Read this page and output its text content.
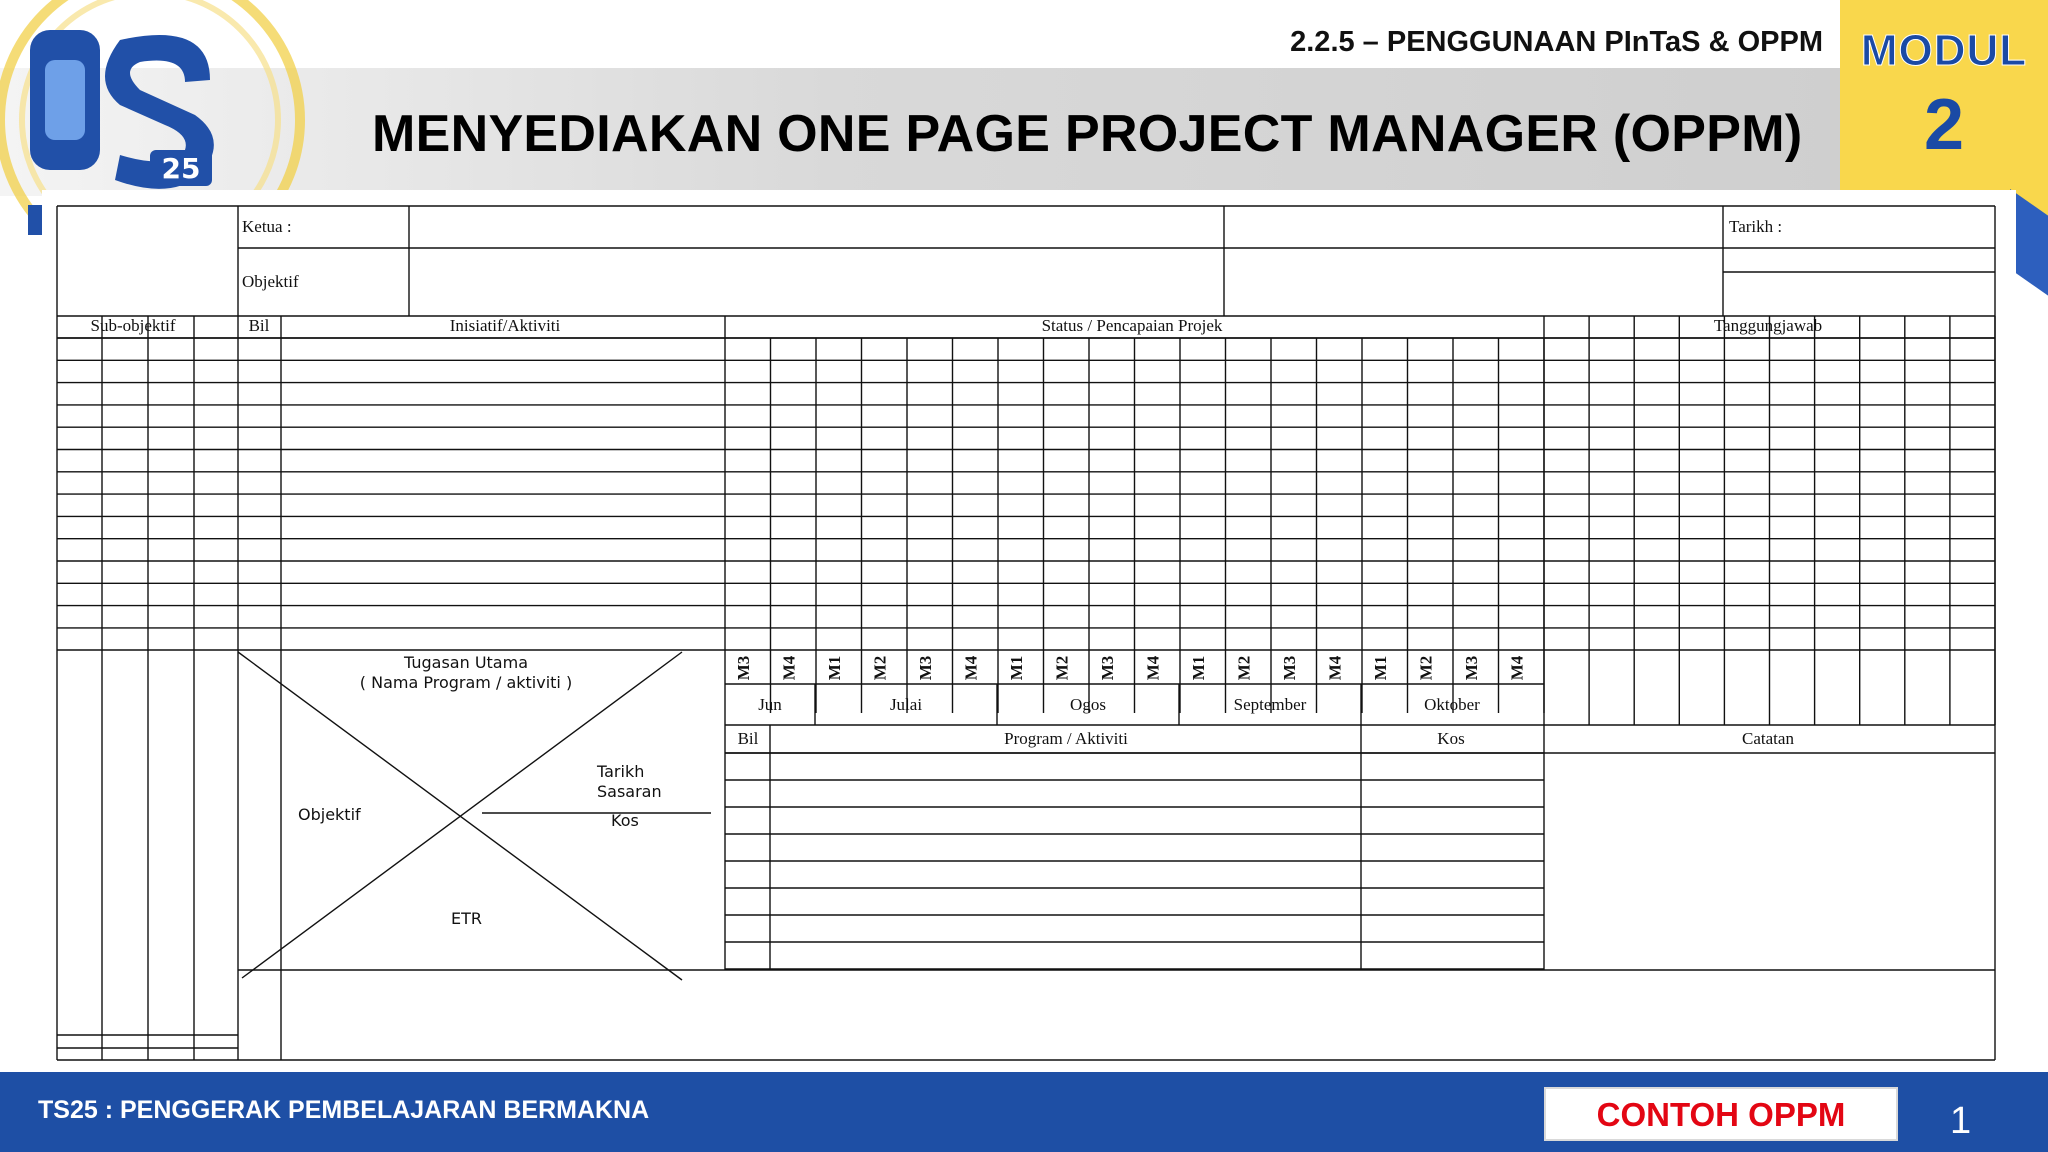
MODUL
2
25
2.2.5 – PENGGUNAAN PInTaS & OPPM
MENYEDIAKAN ONE PAGE PROJECT MANAGER (OPPM)
Ketua :
Objektif
Tarikh :
Sub-objektif	Bil	Inisiatif/Aktiviti	Status / Pencapaian Projek	Tanggungjawab
Tugasan Utama
( Nama Program / aktiviti )
Objektif
Tarikh
Sasaran
Kos
ETR
Bil	Program / Aktiviti	Kos	Catatan
M3 M4 M1 M2 M3 M4 M1 M2 M3 M4 M1 M2 M3 M4 M1 M2 M3 M4
Jun	Julai	Ogos	September	Oktober
TS25 : PENGGERAK PEMBELAJARAN BERMAKNA	CONTOH OPPM	1
